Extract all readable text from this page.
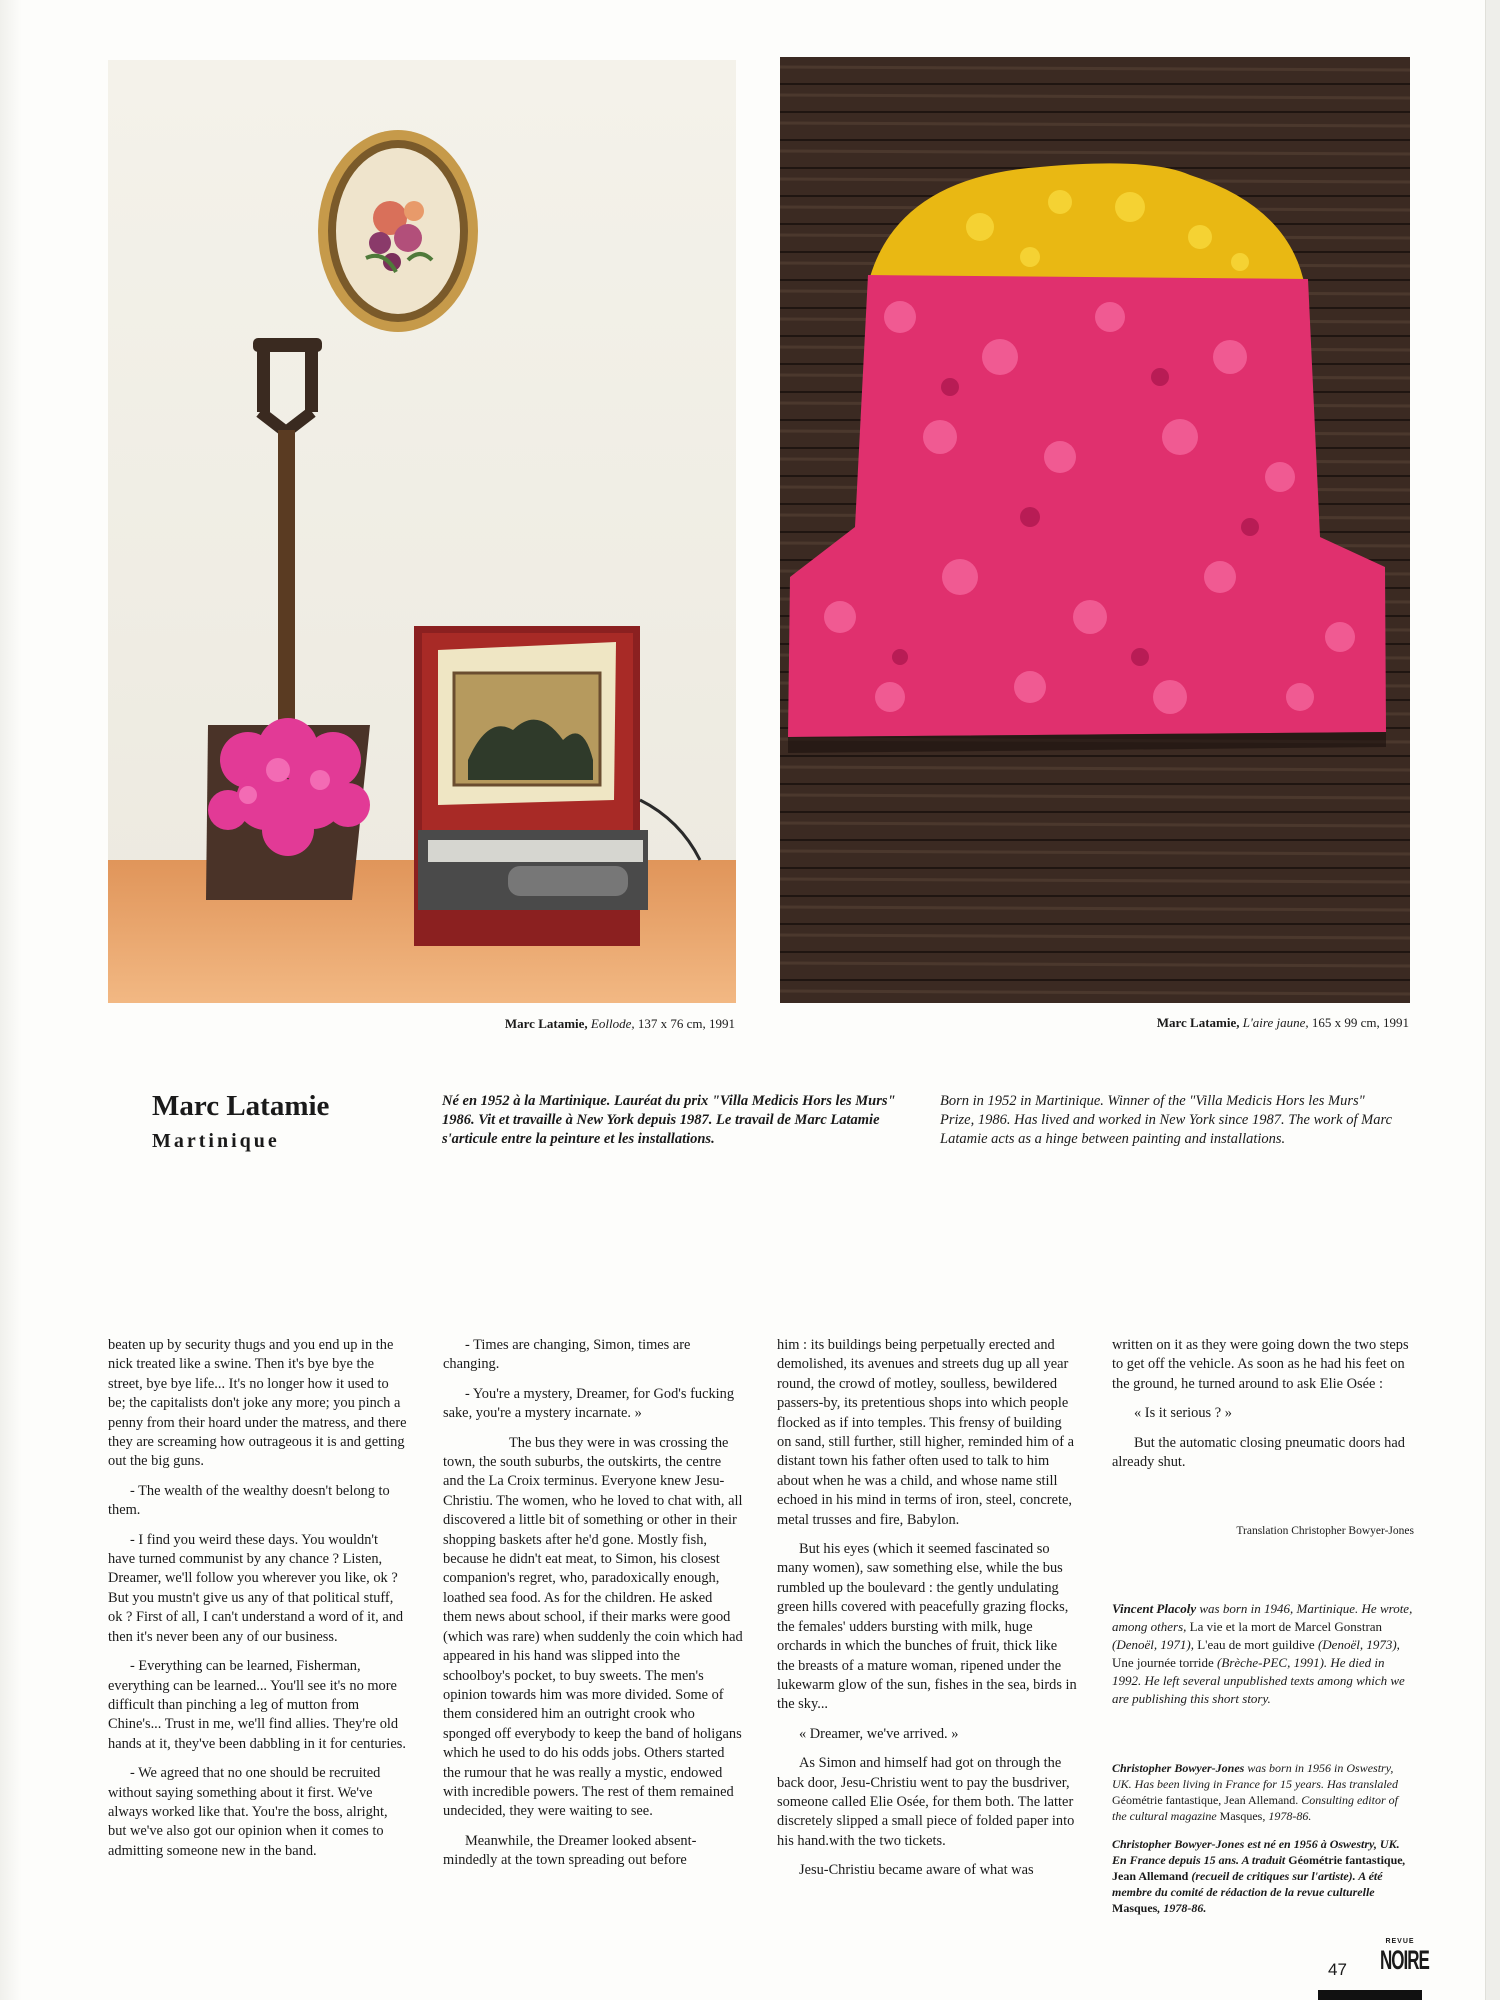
Marc Latamie, Eollode, 137 x 76 cm, 1991	Marc Latamie, L'aire jaune, 165 x 99 cm, 1991
Marc Latamie
Martinique
Né en 1952 à la Martinique. Lauréat du prix "Villa Medicis Hors les Murs" 1986. Vit et travaille à New York depuis 1987. Le travail de Marc Latamie s'articule entre la peinture et les installations.
Born in 1952 in Martinique. Winner of the "Villa Medicis Hors les Murs" Prize, 1986. Has lived and worked in New York since 1987. The work of Marc Latamie acts as a hinge between painting and installations.

beaten up by security thugs and you end up in the nick treated like a swine. Then it's bye bye the street, bye bye life... It's no longer how it used to be; the capitalists don't joke any more; you pinch a penny from their hoard under the matress, and there they are screaming how outrageous it is and getting out the big guns.

- The wealth of the wealthy doesn't belong to them.

- I find you weird these days. You wouldn't have turned communist by any chance ? Listen, Dreamer, we'll follow you wherever you like, ok ? But you mustn't give us any of that political stuff, ok ? First of all, I can't understand a word of it, and then it's never been any of our business.

- Everything can be learned, Fisherman, everything can be learned... You'll see it's no more difficult than pinching a leg of mutton from Chine's... Trust in me, we'll find allies. They're old hands at it, they've been dabbling in it for centuries.

- We agreed that no one should be recruited without saying something about it first. We've always worked like that. You're the boss, alright, but we've also got our opinion when it comes to admitting someone new in the band.

- Times are changing, Simon, times are changing.

- You're a mystery, Dreamer, for God's fucking sake, you're a mystery incarnate. »

The bus they were in was crossing the town, the south suburbs, the outskirts, the centre and the La Croix terminus. Everyone knew Jesu-Christiu. The women, who he loved to chat with, all discovered a little bit of something or other in their shopping baskets after he'd gone. Mostly fish, because he didn't eat meat, to Simon, his closest companion's regret, who, paradoxically enough, loathed sea food. As for the children. He asked them news about school, if their marks were good (which was rare) when suddenly the coin which had appeared in his hand was slipped into the schoolboy's pocket, to buy sweets. The men's opinion towards him was more divided. Some of them considered him an outright crook who sponged off everybody to keep the band of holigans which he used to do his odds jobs. Others started the rumour that he was really a mystic, endowed with incredible powers. The rest of them remained undecided, they were waiting to see.

Meanwhile, the Dreamer looked absent-mindedly at the town spreading out before

him : its buildings being perpetually erected and demolished, its avenues and streets dug up all year round, the crowd of motley, soulless, bewildered passers-by, its pretentious shops into which people flocked as if into temples. This frensy of building on sand, still further, still higher, reminded him of a distant town his father often used to talk to him about when he was a child, and whose name still echoed in his mind in terms of iron, steel, concrete, metal trusses and fire, Babylon.

But his eyes (which it seemed fascinated so many women), saw something else, while the bus rumbled up the boulevard : the gently undulating green hills covered with peacefully grazing flocks, the females' udders bursting with milk, huge orchards in which the bunches of fruit, thick like the breasts of a mature woman, ripened under the lukewarm glow of the sun, fishes in the sea, birds in the sky...

« Dreamer, we've arrived. »

As Simon and himself had got on through the back door, Jesu-Christiu went to pay the busdriver, someone called Elie Osée, for them both. The latter discretely slipped a small piece of folded paper into his hand.with the two tickets.

Jesu-Christiu became aware of what was

written on it as they were going down the two steps to get off the vehicle. As soon as he had his feet on the ground, he turned around to ask Elie Osée :

« Is it serious ? »

But the automatic closing pneumatic doors had already shut.

Translation Christopher Bowyer-Jones
Vincent Placoly was born in 1946, Martinique. He wrote, among others, La vie et la mort de Marcel Gonstran (Denoël, 1971), L'eau de mort guildive (Denoël, 1973), Une journée torride (Brèche-PEC, 1991). He died in 1992. He left several unpublished texts among which we are publishing this short story.
Christopher Bowyer-Jones was born in 1956 in Oswestry, UK. Has been living in France for 15 years. Has translaled Géométrie fantastique, Jean Allemand. Consulting editor of the cultural magazine Masques, 1978-86.
Christopher Bowyer-Jones est né en 1956 à Oswestry, UK. En France depuis 15 ans. A traduit Géométrie fantastique, Jean Allemand (recueil de critiques sur l'artiste). A été membre du comité de rédaction de la revue culturelle Masques, 1978-86.
47
REVUE
NOIRE
